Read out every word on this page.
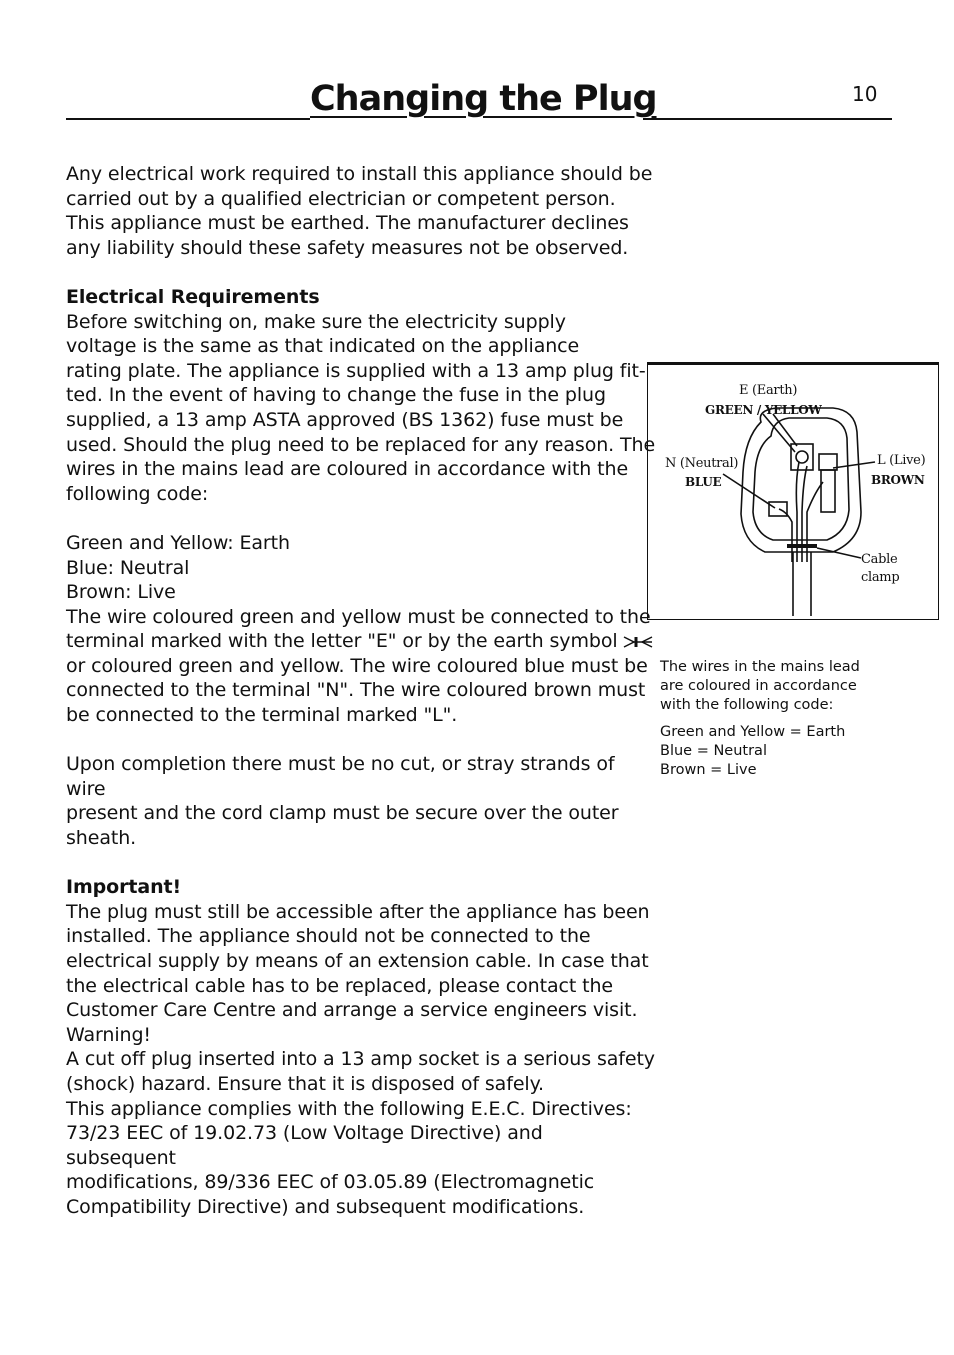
Changing the Plug	10

Any electrical work required to install this appliance should be
carried out by a qualified electrician or competent person.
This appliance must be earthed. The manufacturer declines
any liability should these safety measures not be observed.

Electrical Requirements

Before switching on, make sure the electricity supply
voltage is the same as that indicated on the appliance
rating plate. The appliance is supplied with a 13 amp plug fit-
ted. In the event of having to change the fuse in the plug
supplied, a 13 amp ASTA approved (BS 1362) fuse must be
used. Should the plug need to be replaced for any reason. The
wires in the mains lead are coloured in accordance with the
following code:

Green and Yellow: Earth
Blue: Neutral
Brown: Live

The wire coloured green and yellow must be connected to the
terminal marked with the letter "E" or by the earth symbol
or coloured green and yellow. The wire coloured blue must be
connected to the terminal "N". The wire coloured brown must
be connected to the terminal marked "L".

Upon completion there must be no cut, or stray strands of wire
present and the cord clamp must be secure over the outer
sheath.

Important!

The plug must still be accessible after the appliance has been
installed. The appliance should not be connected to the
electrical supply by means of an extension cable. In case that
the electrical cable has to be replaced, please contact the
Customer Care Centre and arrange a service engineers visit.
Warning!
A cut off plug inserted into a 13 amp socket is a serious safety
(shock) hazard. Ensure that it is disposed of safely.
This appliance complies with the following E.E.C. Directives:
73/23 EEC of 19.02.73 (Low Voltage Directive) and subsequent
modifications, 89/336 EEC of 03.05.89 (Electromagnetic
Compatibility Directive) and subsequent modifications.

E (Earth)
GREEN / YELLOW
N (Neutral)
BLUE
L (Live)
BROWN
Cable
clamp

The wires in the mains lead
are coloured in accordance
with the following code:

Green and Yellow = Earth
Blue = Neutral
Brown = Live
